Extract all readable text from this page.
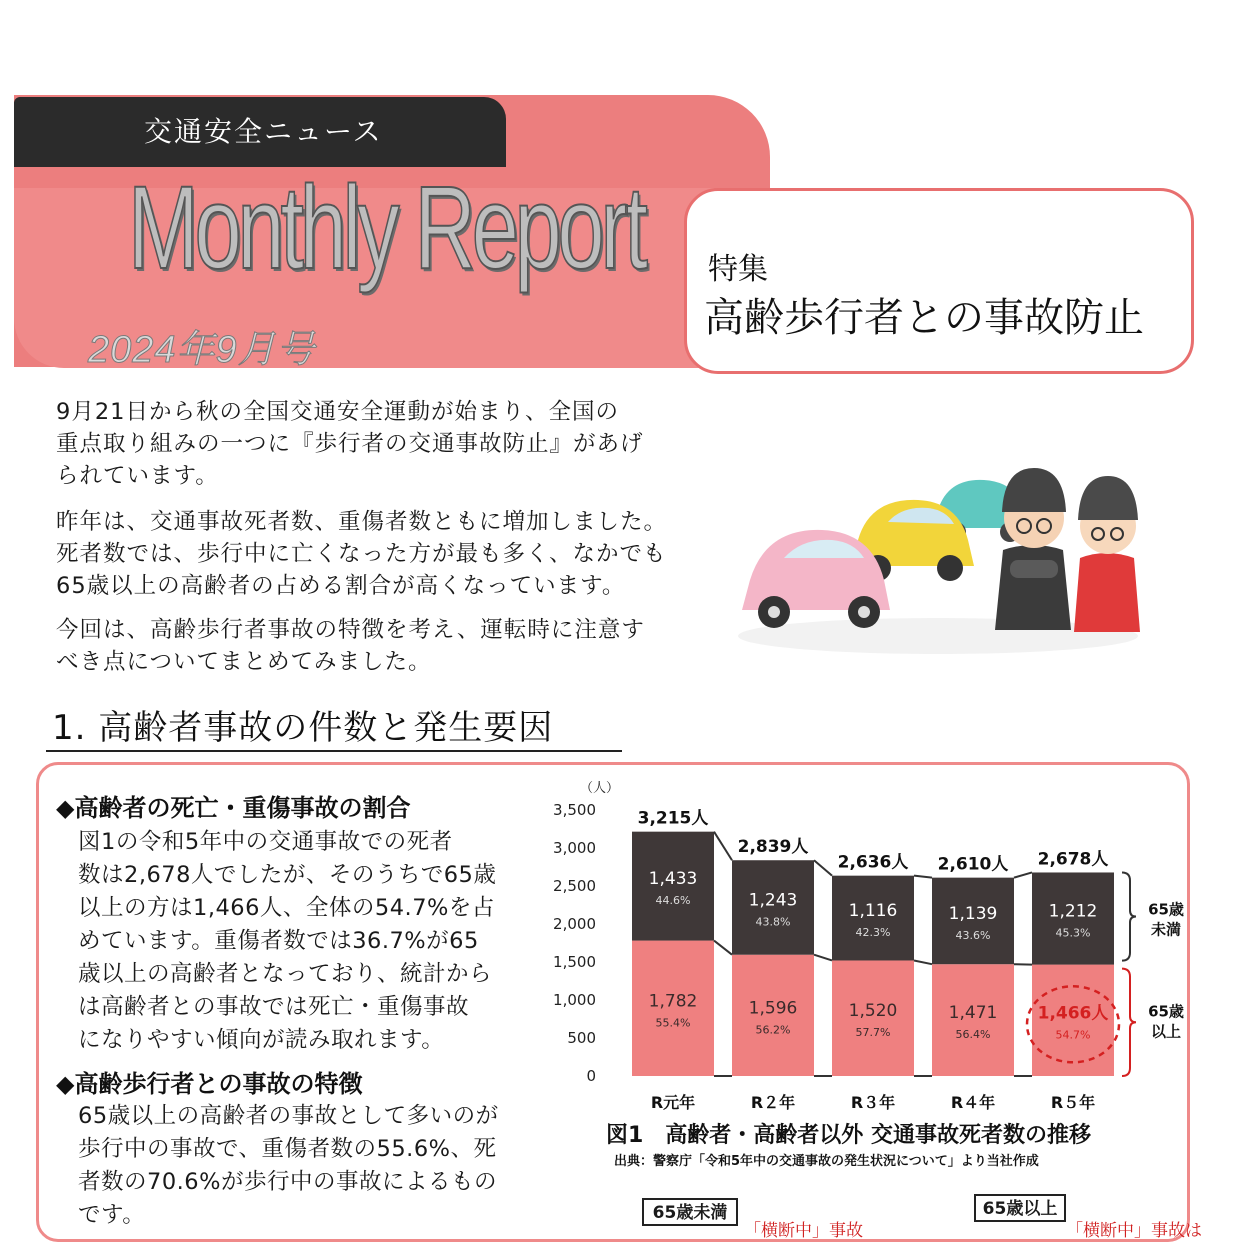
交通安全ニュース
Monthly Report
2024年9月号
特集
高齢歩行者との事故防止
9月21日から秋の全国交通安全運動が始まり、全国の
重点取り組みの一つに『歩行者の交通事故防止』があげ
られています。
昨年は、交通事故死者数、重傷者数ともに増加しました。
死者数では、歩行中に亡くなった方が最も多く、なかでも
65歳以上の高齢者の占める割合が高くなっています。
今回は、高齢歩行者事故の特徴を考え、運転時に注意す
べき点についてまとめてみました。
1. 高齢者事故の件数と発生要因
◆高齢者の死亡・重傷事故の割合
図1の令和5年中の交通事故での死者
数は2,678人でしたが、そのうちで65歳
以上の方は1,466人、全体の54.7%を占
めています。重傷者数では36.7%が65
歳以上の高齢者となっており、統計から
は高齢者との事故では死亡・重傷事故
になりやすい傾向が読み取れます。
◆高齢歩行者との事故の特徴
65歳以上の高齢者の事故として多いのが
歩行中の事故で、重傷者数の55.6%、死
者数の70.6%が歩行中の事故によるもの
です。
（人）
0
500
1,000
1,500
2,000
2,500
3,000
3,500
1,433
44.6%
1,782
55.4%
3,215人
R元年
1,243
43.8%
1,596
56.2%
2,839人
R２年
1,116
42.3%
1,520
57.7%
2,636人
R３年
1,139
43.6%
1,471
56.4%
2,610人
R４年
1,212
45.3%
1,466人
54.7%
2,678人
R５年
65歳
未満
65歳
以上
図1　高齢者・高齢者以外 交通事故死者数の推移
出典：警察庁「令和5年中の交通事故の発生状況について」より当社作成
65歳未満
「横断中」事故
65歳以上
「横断中」事故は
